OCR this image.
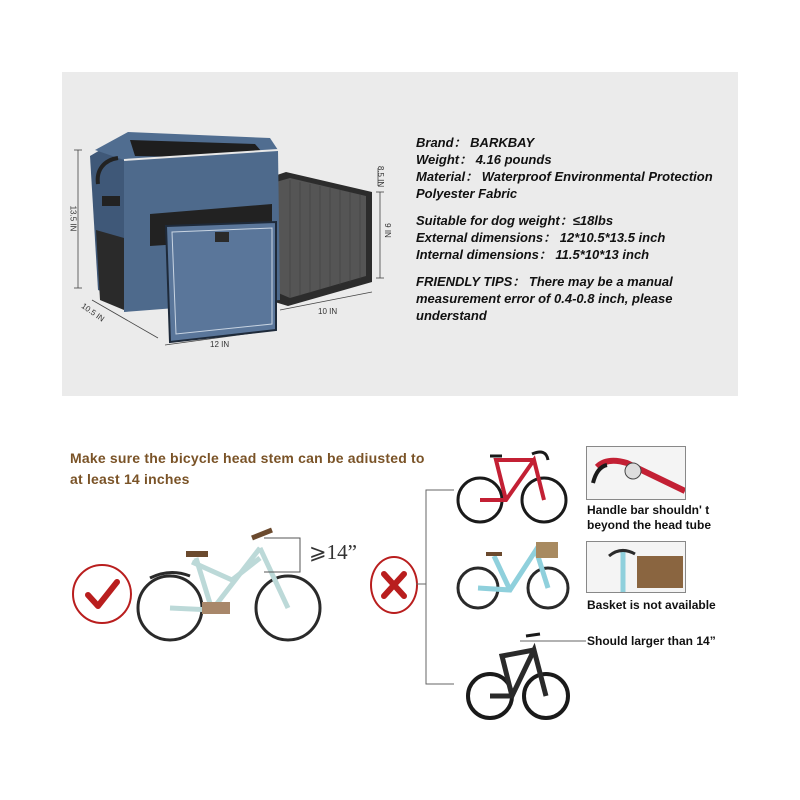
13.5 IN
12 IN
10.5 IN	10 IN
8.5 IN
9 IN
Brand： BARKBAY
Weight： 4.16 pounds
Material： Waterproof Environmental Protection Polyester Fabric
Suitable for dog weight：≤18lbs
External dimensions： 12*10.5*13.5 inch
Internal dimensions： 11.5*10*13 inch
FRIENDLY TIPS： There may be a manual measurement error of 0.4-0.8 inch, please understand
Make sure the bicycle head stem can be adiusted to at least 14 inches
⩾14”
Handle bar shouldn' t beyond the head tube
Basket is not available
Should larger than 14”
